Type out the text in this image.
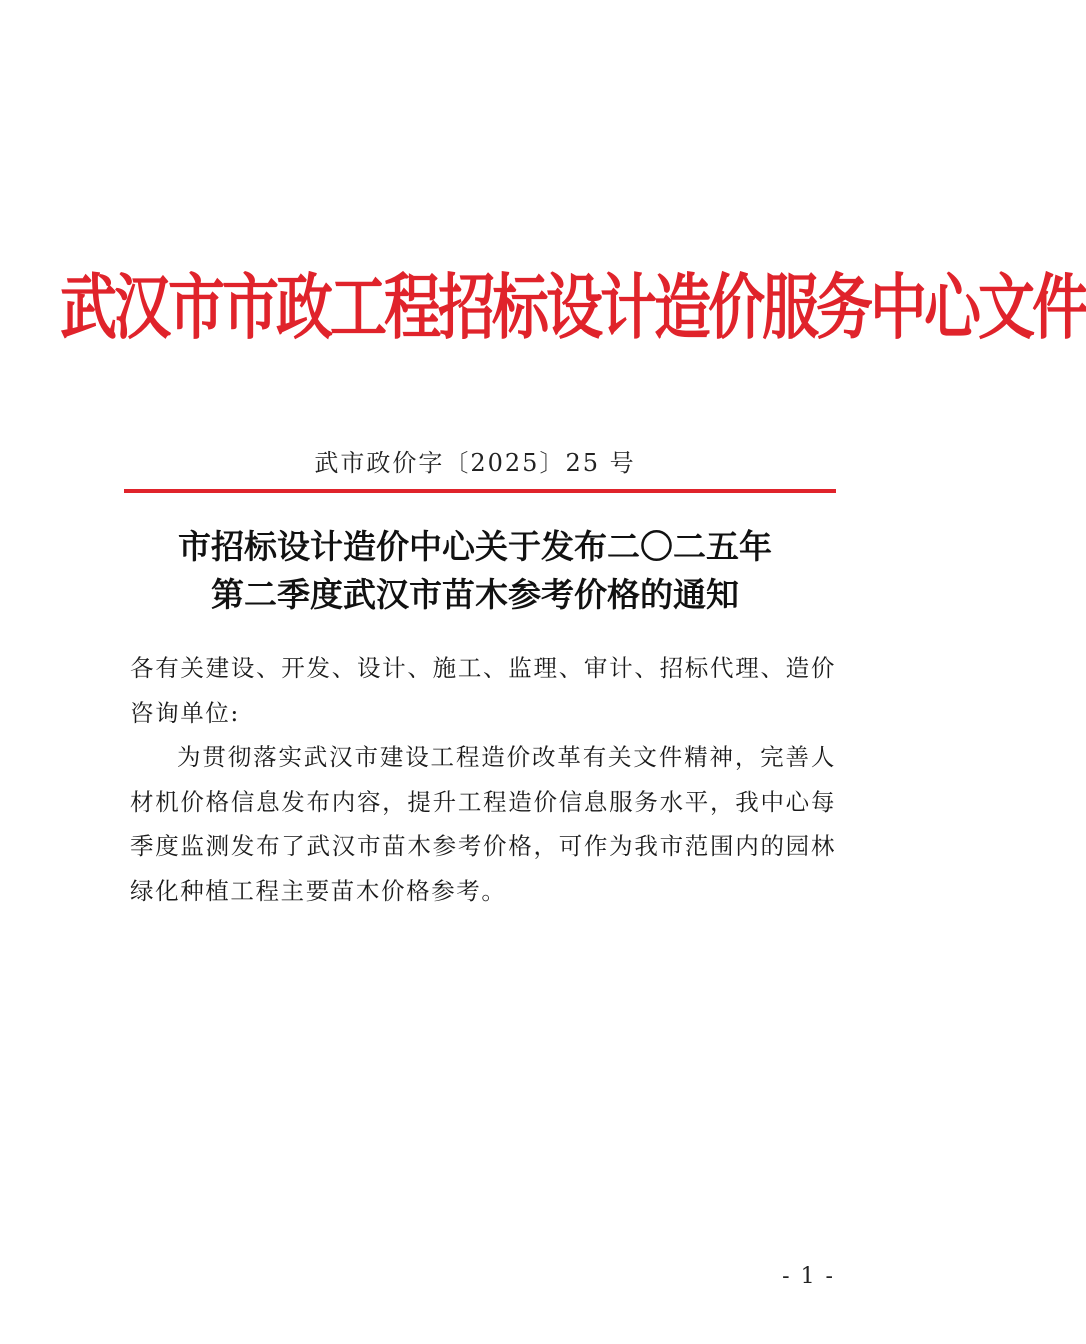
武汉市市政工程招标设计造价服务中心文件
武市政价字〔2025〕25 号
市招标设计造价中心关于发布二〇二五年
第二季度武汉市苗木参考价格的通知

各有关建设、开发、设计、施工、监理、审计、招标代理、造价咨询单位:

为贯彻落实武汉市建设工程造价改革有关文件精神，完善人材机价格信息发布内容，提升工程造价信息服务水平，我中心每季度监测发布了武汉市苗木参考价格，可作为我市范围内的园林绿化种植工程主要苗木价格参考。

- 1 -
